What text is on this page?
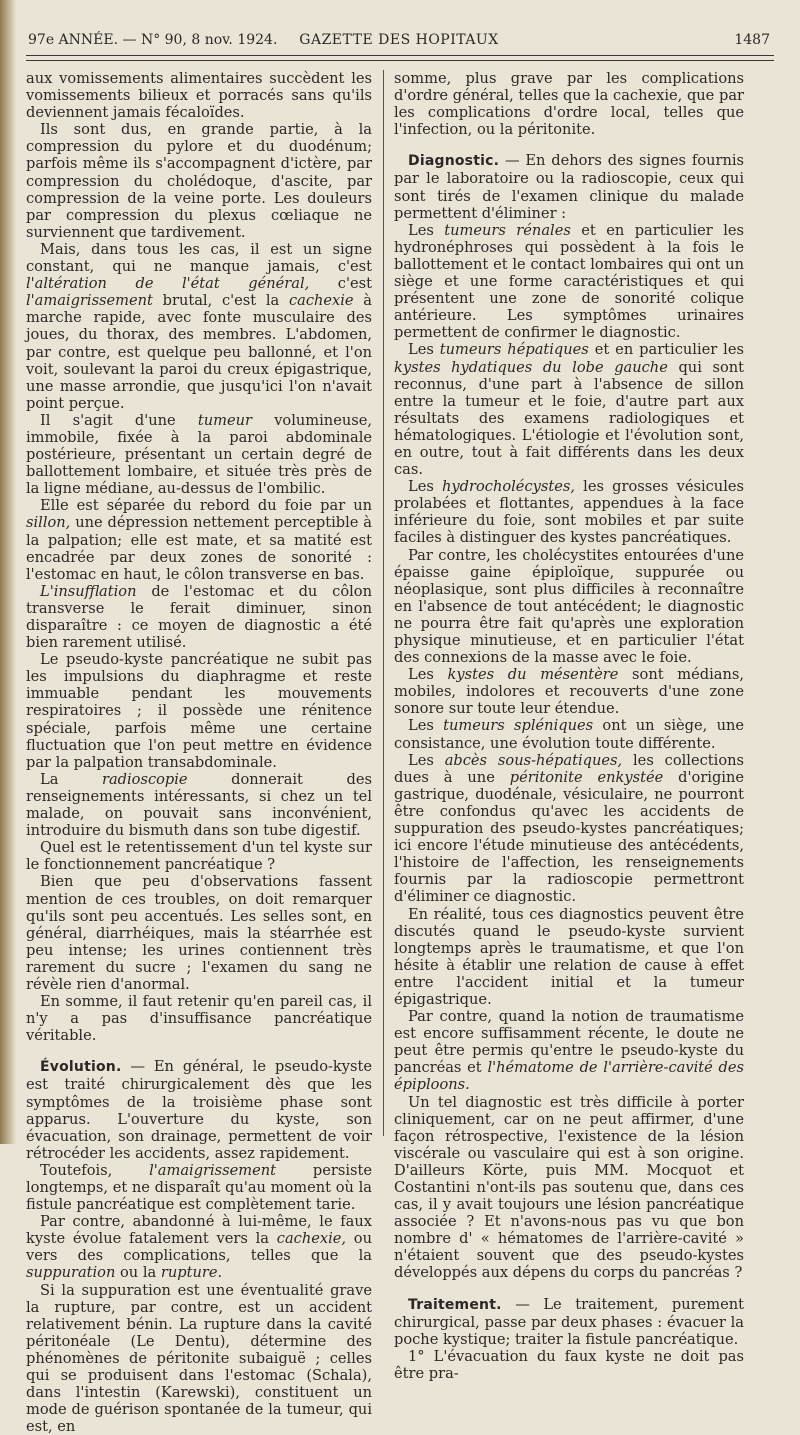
97e ANNÉE. — N° 90, 8 nov. 1924.	GAZETTE DES HOPITAUX	1487

aux vomissements alimentaires succèdent les vomissements bilieux et porracés sans qu'ils deviennent jamais fécaloïdes.

Ils sont dus, en grande partie, à la compression du pylore et du duodénum; parfois même ils s'accompagnent d'ictère, par compression du cholédoque, d'ascite, par compression de la veine porte. Les douleurs par compression du plexus cœliaque ne surviennent que tardivement.

Mais, dans tous les cas, il est un signe constant, qui ne manque jamais, c'est l'altération de l'état général, c'est l'amaigrissement brutal, c'est la cachexie à marche rapide, avec fonte musculaire des joues, du thorax, des membres. L'abdomen, par contre, est quelque peu ballonné, et l'on voit, soulevant la paroi du creux épigastrique, une masse arrondie, que jusqu'ici l'on n'avait point perçue.

Il s'agit d'une tumeur volumineuse, immobile, fixée à la paroi abdominale postérieure, présentant un certain degré de ballottement lombaire, et située très près de la ligne médiane, au-dessus de l'ombilic.

Elle est séparée du rebord du foie par un sillon, une dépression nettement perceptible à la palpation; elle est mate, et sa matité est encadrée par deux zones de sonorité : l'estomac en haut, le côlon transverse en bas.

L'insufflation de l'estomac et du côlon transverse le ferait diminuer, sinon disparaître : ce moyen de diagnostic a été bien rarement utilisé.

Le pseudo-kyste pancréatique ne subit pas les impulsions du diaphragme et reste immuable pendant les mouvements respiratoires ; il possède une rénitence spéciale, parfois même une certaine fluctuation que l'on peut mettre en évidence par la palpation transabdominale.

La radioscopie donnerait des renseignements intéressants, si chez un tel malade, on pouvait sans inconvénient, introduire du bismuth dans son tube digestif.

Quel est le retentissement d'un tel kyste sur le fonctionnement pancréatique ?

Bien que peu d'observations fassent mention de ces troubles, on doit remarquer qu'ils sont peu accentués. Les selles sont, en général, diarrhéiques, mais la stéarrhée est peu intense; les urines contiennent très rarement du sucre ; l'examen du sang ne révèle rien d'anormal.

En somme, il faut retenir qu'en pareil cas, il n'y a pas d'insuffisance pancréatique véritable.

Évolution. — En général, le pseudo-kyste est traité chirurgicalement dès que les symptômes de la troisième phase sont apparus. L'ouverture du kyste, son évacuation, son drainage, permettent de voir rétrocéder les accidents, assez rapidement.

Toutefois, l'amaigrissement persiste longtemps, et ne disparaît qu'au moment où la fistule pancréatique est complètement tarie.

Par contre, abandonné à lui-même, le faux kyste évolue fatalement vers la cachexie, ou vers des complications, telles que la suppuration ou la rupture.

Si la suppuration est une éventualité grave la rupture, par contre, est un accident relativement bénin. La rupture dans la cavité péritonéale (Le Dentu), détermine des phénomènes de péritonite subaiguë ; celles qui se produisent dans l'estomac (Schala), dans l'intestin (Karewski), constituent un mode de guérison spontanée de la tumeur, qui est, en

somme, plus grave par les complications d'ordre général, telles que la cachexie, que par les complications d'ordre local, telles que l'infection, ou la péritonite.

Diagnostic. — En dehors des signes fournis par le laboratoire ou la radioscopie, ceux qui sont tirés de l'examen clinique du malade permettent d'éliminer :

Les tumeurs rénales et en particulier les hydronéphroses qui possèdent à la fois le ballottement et le contact lombaires qui ont un siège et une forme caractéristiques et qui présentent une zone de sonorité colique antérieure. Les symptômes urinaires permettent de confirmer le diagnostic.

Les tumeurs hépatiques et en particulier les kystes hydatiques du lobe gauche qui sont reconnus, d'une part à l'absence de sillon entre la tumeur et le foie, d'autre part aux résultats des examens radiologiques et hématologiques. L'étiologie et l'évolution sont, en outre, tout à fait différents dans les deux cas.

Les hydrocholécystes, les grosses vésicules prolabées et flottantes, appendues à la face inférieure du foie, sont mobiles et par suite faciles à distinguer des kystes pancréatiques.

Par contre, les cholécystites entourées d'une épaisse gaine épiploïque, suppurée ou néoplasique, sont plus difficiles à reconnaître en l'absence de tout antécédent; le diagnostic ne pourra être fait qu'après une exploration physique minutieuse, et en particulier l'état des connexions de la masse avec le foie.

Les kystes du mésentère sont médians, mobiles, indolores et recouverts d'une zone sonore sur toute leur étendue.

Les tumeurs spléniques ont un siège, une consistance, une évolution toute différente.

Les abcès sous-hépatiques, les collections dues à une péritonite enkystée d'origine gastrique, duodénale, vésiculaire, ne pourront être confondus qu'avec les accidents de suppuration des pseudo-kystes pancréatiques; ici encore l'étude minutieuse des antécédents, l'histoire de l'affection, les renseignements fournis par la radioscopie permettront d'éliminer ce diagnostic.

En réalité, tous ces diagnostics peuvent être discutés quand le pseudo-kyste survient longtemps après le traumatisme, et que l'on hésite à établir une relation de cause à effet entre l'accident initial et la tumeur épigastrique.

Par contre, quand la notion de traumatisme est encore suffisamment récente, le doute ne peut être permis qu'entre le pseudo-kyste du pancréas et l'hématome de l'arrière-cavité des épiploons.

Un tel diagnostic est très difficile à porter cliniquement, car on ne peut affirmer, d'une façon rétrospective, l'existence de la lésion viscérale ou vasculaire qui est à son origine. D'ailleurs Körte, puis MM. Mocquot et Costantini n'ont-ils pas soutenu que, dans ces cas, il y avait toujours une lésion pancréatique associée ? Et n'avons-nous pas vu que bon nombre d' « hématomes de l'arrière-cavité » n'étaient souvent que des pseudo-kystes développés aux dépens du corps du pancréas ?

Traitement. — Le traitement, purement chirurgical, passe par deux phases : évacuer la poche kystique; traiter la fistule pancréatique.

1° L'évacuation du faux kyste ne doit pas être pra-
